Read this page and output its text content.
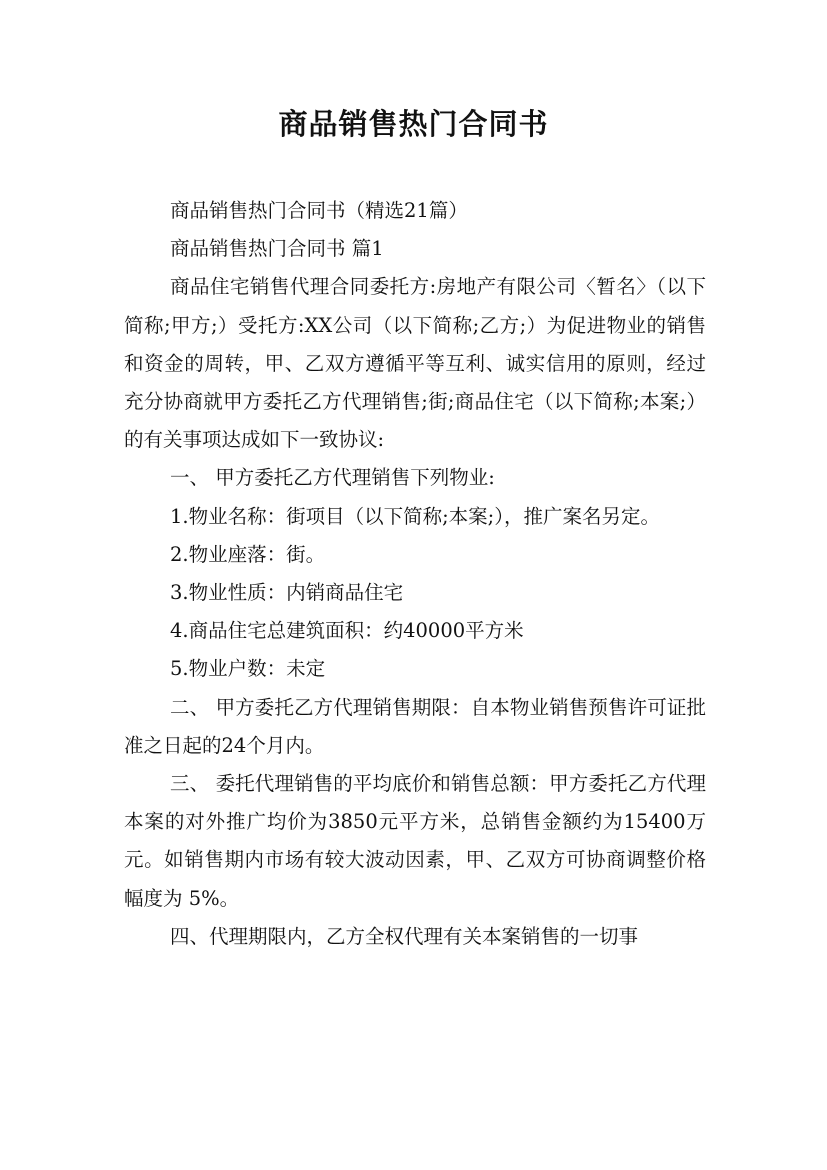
商品销售热门合同书

商品销售热门合同书（精选21篇）

商品销售热门合同书 篇1

商品住宅销售代理合同委托方:房地产有限公司〈暂名〉（以下简称;甲方;）受托方:XX公司（以下简称;乙方;）为促进物业的销售和资金的周转，甲、乙双方遵循平等互利、诚实信用的原则，经过充分协商就甲方委托乙方代理销售;街;商品住宅（以下简称;本案;）的有关事项达成如下一致协议:

一、 甲方委托乙方代理销售下列物业:

1.物业名称：街项目（以下简称;本案;），推广案名另定。

2.物业座落：街。

3.物业性质：内销商品住宅

4.商品住宅总建筑面积：约40000平方米

5.物业户数：未定

二、 甲方委托乙方代理销售期限：自本物业销售预售许可证批准之日起的24个月内。

三、 委托代理销售的平均底价和销售总额：甲方委托乙方代理本案的对外推广均价为3850元平方米，总销售金额约为15400万元。如销售期内市场有较大波动因素，甲、乙双方可协商调整价格幅度为 5%。

四、代理期限内，乙方全权代理有关本案销售的一切事
